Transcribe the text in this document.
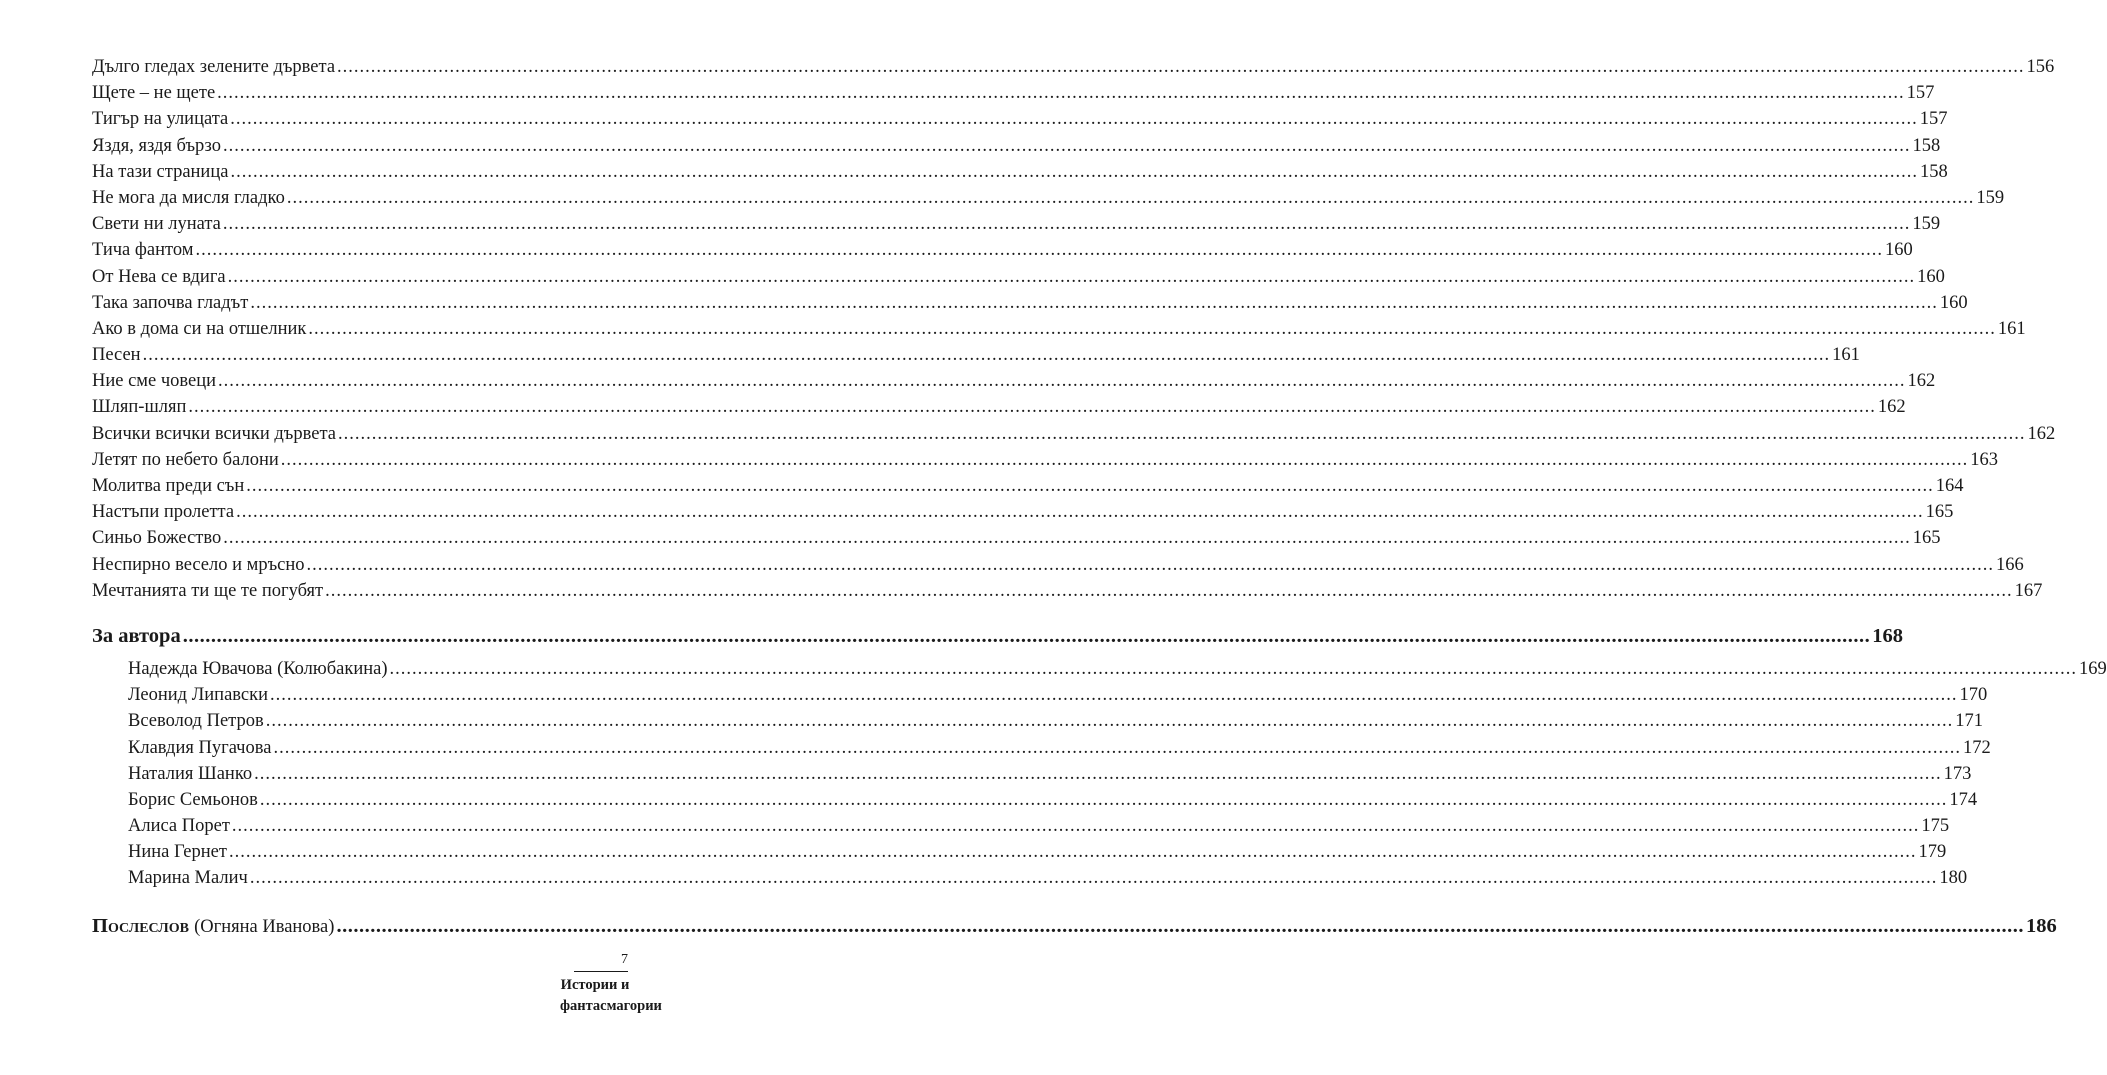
Дълго гледах зелените дървета ............................................................................................................................................................................................................................................................................................................ 156
Щете – не щете ............................................................................................................................................................................................................................................................................................................ 157
Тигър на улицата ............................................................................................................................................................................................................................................................................................................ 157
Яздя, яздя бързо ............................................................................................................................................................................................................................................................................................................ 158
На тази страница ............................................................................................................................................................................................................................................................................................................ 158
Не мога да мисля гладко ............................................................................................................................................................................................................................................................................................................ 159
Свети ни луната ............................................................................................................................................................................................................................................................................................................ 159
Тича фантом ............................................................................................................................................................................................................................................................................................................ 160
От Нева се вдига ............................................................................................................................................................................................................................................................................................................ 160
Така започва гладът ............................................................................................................................................................................................................................................................................................................ 160
Ако в дома си на отшелник ............................................................................................................................................................................................................................................................................................................ 161
Песен ............................................................................................................................................................................................................................................................................................................ 161
Ние сме човеци ............................................................................................................................................................................................................................................................................................................ 162
Шляп-шляп ............................................................................................................................................................................................................................................................................................................ 162
Всички всички всички дървета ............................................................................................................................................................................................................................................................................................................ 162
Летят по небето балони ............................................................................................................................................................................................................................................................................................................ 163
Молитва преди сън ............................................................................................................................................................................................................................................................................................................ 164
Настъпи пролетта ............................................................................................................................................................................................................................................................................................................ 165
Синьо Божество ............................................................................................................................................................................................................................................................................................................ 165
Неспирно весело и мръсно ............................................................................................................................................................................................................................................................................................................ 166
Мечтанията ти ще те погубят ............................................................................................................................................................................................................................................................................................................ 167
За автора ............................................................................................................................................................................................................................................................................................................ 168
Надежда Ювачова (Колюбакина) ............................................................................................................................................................................................................................................................................................................ 169
Леонид Липавски ............................................................................................................................................................................................................................................................................................................ 170
Всеволод Петров ............................................................................................................................................................................................................................................................................................................ 171
Клавдия Пугачова ............................................................................................................................................................................................................................................................................................................ 172
Наталия Шанко ............................................................................................................................................................................................................................................................................................................ 173
Борис Семьонов ............................................................................................................................................................................................................................................................................................................ 174
Алиса Порет ............................................................................................................................................................................................................................................................................................................ 175
Нина Гернет ............................................................................................................................................................................................................................................................................................................ 179
Марина Малич ............................................................................................................................................................................................................................................................................................................ 180
Послеслов (Огняна Иванова) ............................................................................................................................................................................................................................................................................................................ 186
7
Истории и
фантасмагории
